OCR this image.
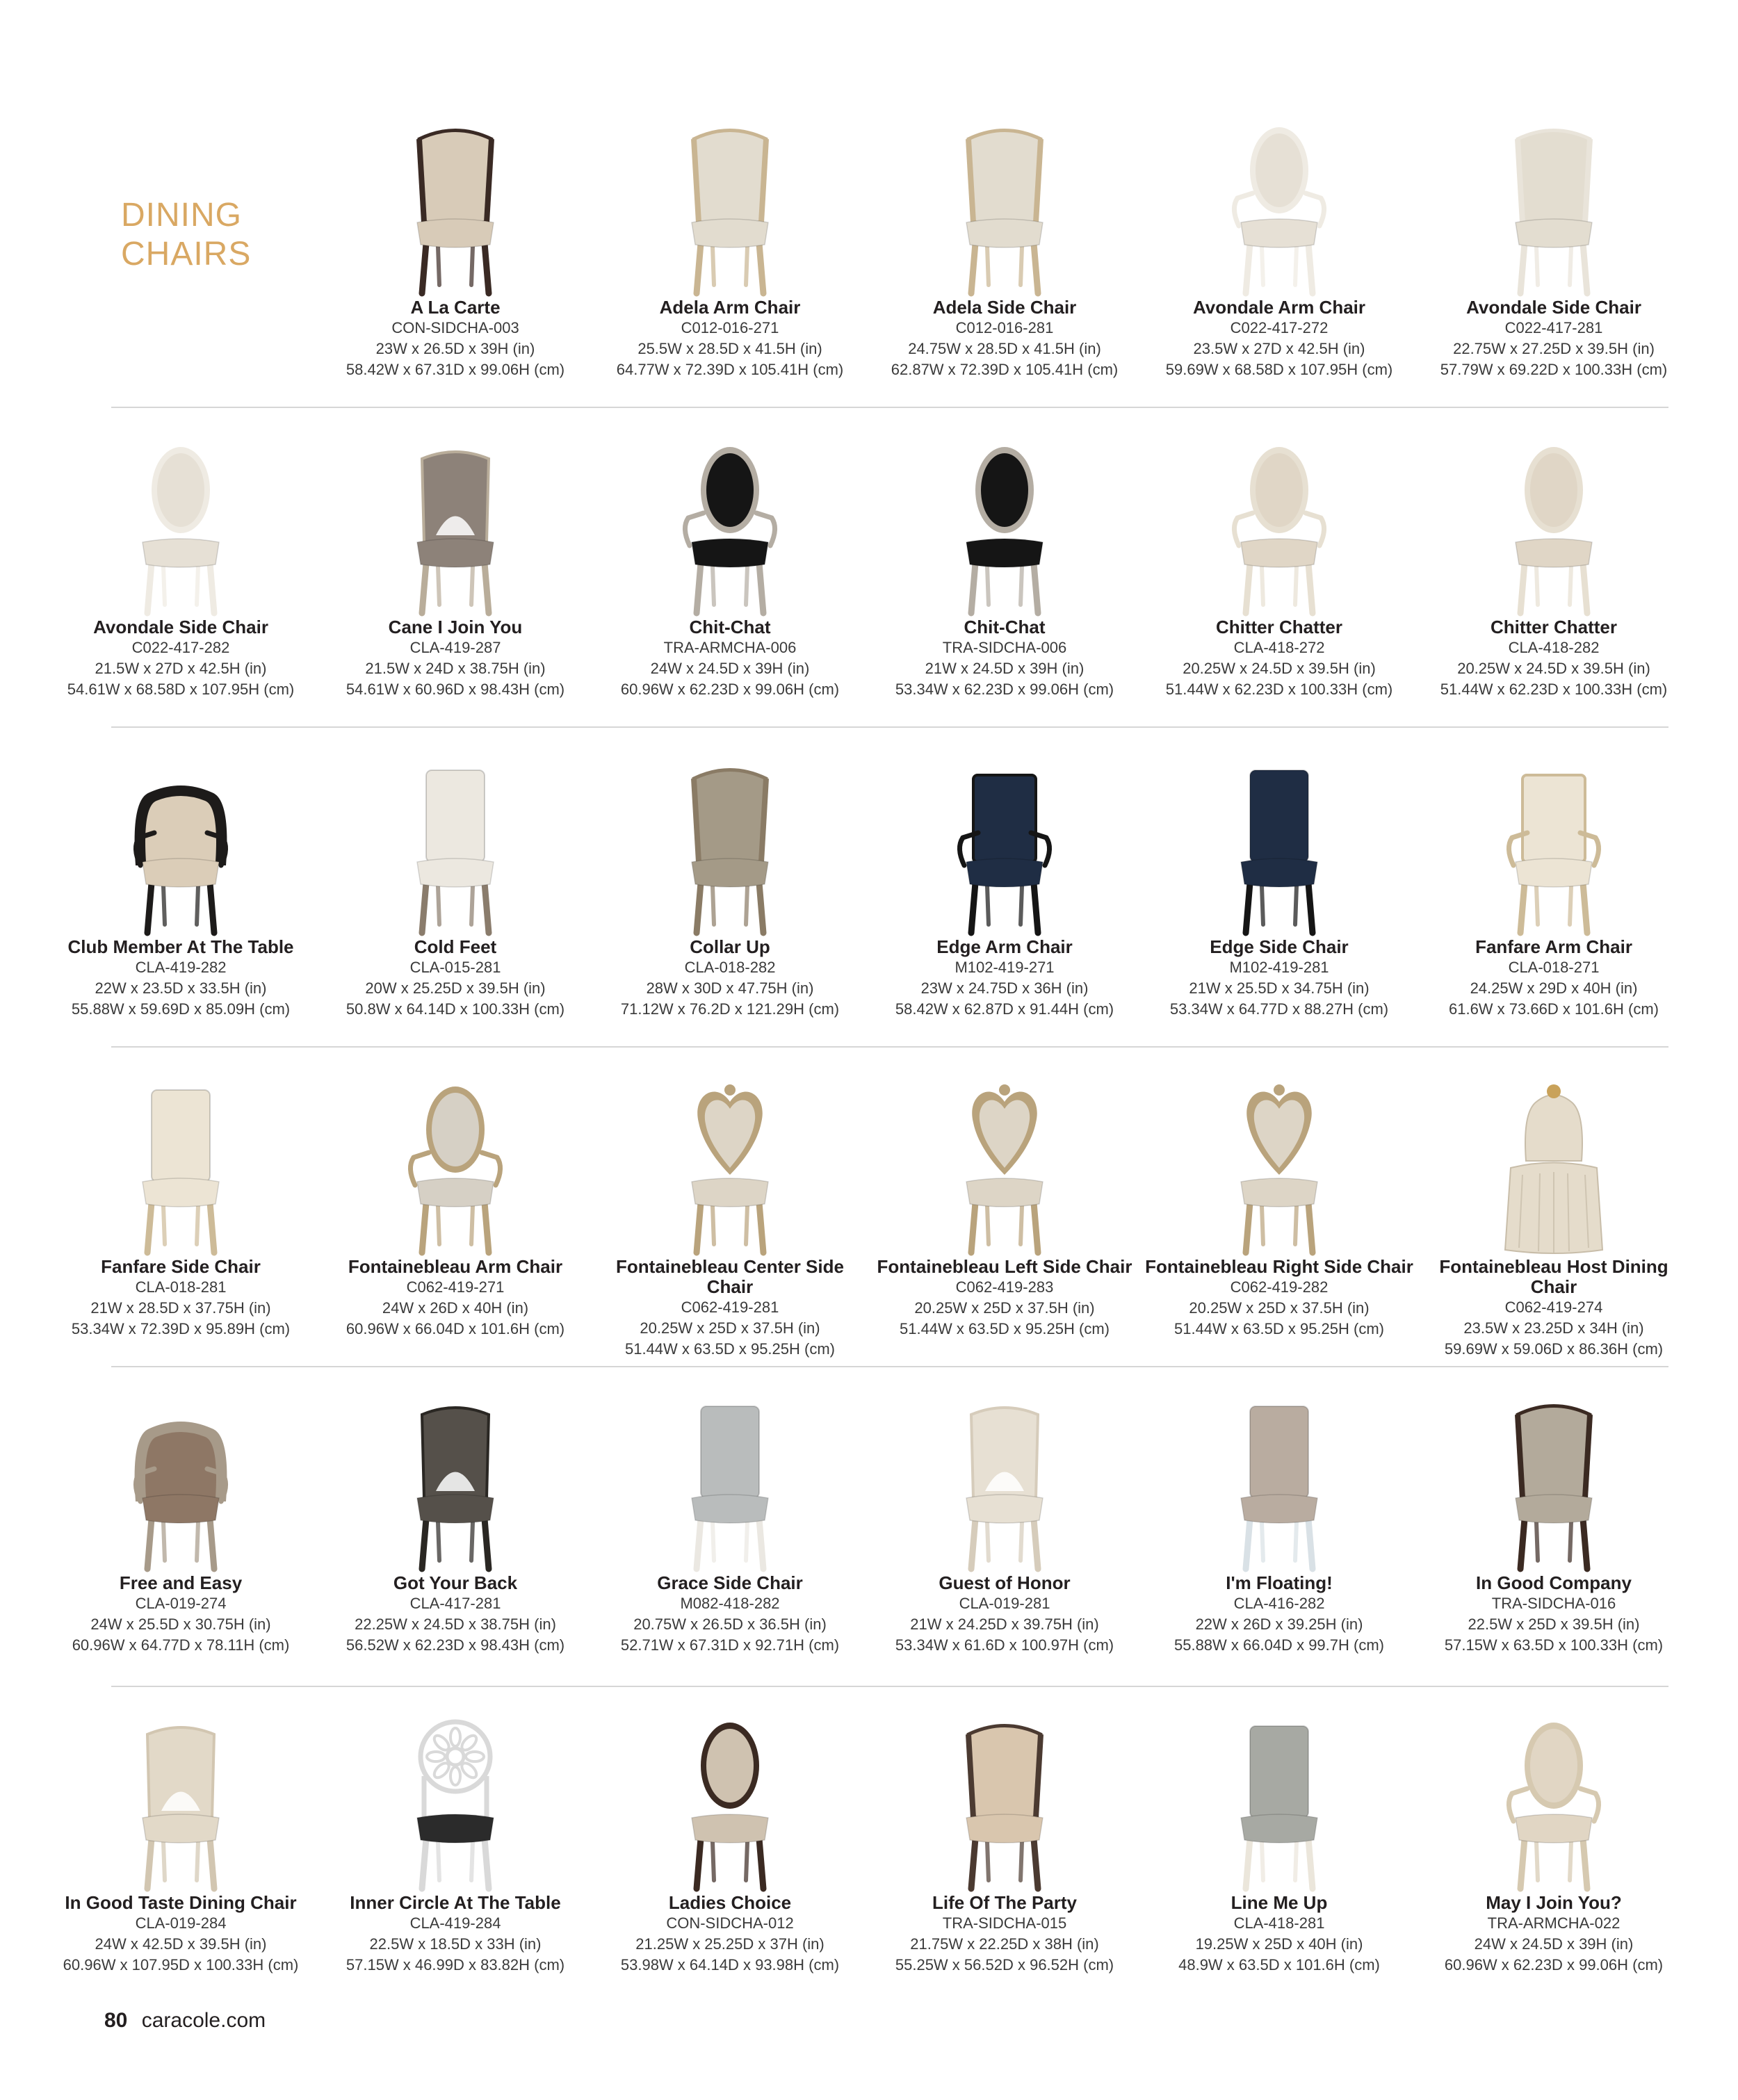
DINING
CHAIRS
A La Carte
CON-SIDCHA-003
23W x 26.5D x 39H (in)
58.42W x 67.31D x 99.06H (cm)
Adela Arm Chair
C012-016-271
25.5W x 28.5D x 41.5H (in)
64.77W x 72.39D x 105.41H (cm)
Adela Side Chair
C012-016-281
24.75W x 28.5D x 41.5H (in)
62.87W x 72.39D x 105.41H (cm)
Avondale Arm Chair
C022-417-272
23.5W x 27D x 42.5H (in)
59.69W x 68.58D x 107.95H (cm)
Avondale Side Chair
C022-417-281
22.75W x 27.25D x 39.5H (in)
57.79W x 69.22D x 100.33H (cm)
Avondale Side Chair
C022-417-282
21.5W x 27D x 42.5H (in)
54.61W x 68.58D x 107.95H (cm)
Cane I Join You
CLA-419-287
21.5W x 24D x 38.75H (in)
54.61W x 60.96D x 98.43H (cm)
Chit-Chat
TRA-ARMCHA-006
24W x 24.5D x 39H (in)
60.96W x 62.23D x 99.06H (cm)
Chit-Chat
TRA-SIDCHA-006
21W x 24.5D x 39H (in)
53.34W x 62.23D x 99.06H (cm)
Chitter Chatter
CLA-418-272
20.25W x 24.5D x 39.5H (in)
51.44W x 62.23D x 100.33H (cm)
Chitter Chatter
CLA-418-282
20.25W x 24.5D x 39.5H (in)
51.44W x 62.23D x 100.33H (cm)
Club Member At The Table
CLA-419-282
22W x 23.5D x 33.5H (in)
55.88W x 59.69D x 85.09H (cm)
Cold Feet
CLA-015-281
20W x 25.25D x 39.5H (in)
50.8W x 64.14D x 100.33H (cm)
Collar Up
CLA-018-282
28W x 30D x 47.75H (in)
71.12W x 76.2D x 121.29H (cm)
Edge Arm Chair
M102-419-271
23W x 24.75D x 36H (in)
58.42W x 62.87D x 91.44H (cm)
Edge Side Chair
M102-419-281
21W x 25.5D x 34.75H (in)
53.34W x 64.77D x 88.27H (cm)
Fanfare Arm Chair
CLA-018-271
24.25W x 29D x 40H (in)
61.6W x 73.66D x 101.6H (cm)
Fanfare Side Chair
CLA-018-281
21W x 28.5D x 37.75H (in)
53.34W x 72.39D x 95.89H (cm)
Fontainebleau Arm Chair
C062-419-271
24W x 26D x 40H (in)
60.96W x 66.04D x 101.6H (cm)
Fontainebleau Center Side Chair
C062-419-281
20.25W x 25D x 37.5H (in)
51.44W x 63.5D x 95.25H (cm)
Fontainebleau Left Side Chair
C062-419-283
20.25W x 25D x 37.5H (in)
51.44W x 63.5D x 95.25H (cm)
Fontainebleau Right Side Chair
C062-419-282
20.25W x 25D x 37.5H (in)
51.44W x 63.5D x 95.25H (cm)
Fontainebleau Host Dining Chair
C062-419-274
23.5W x 23.25D x 34H (in)
59.69W x 59.06D x 86.36H (cm)
Free and Easy
CLA-019-274
24W x 25.5D x 30.75H (in)
60.96W x 64.77D x 78.11H (cm)
Got Your Back
CLA-417-281
22.25W x 24.5D x 38.75H (in)
56.52W x 62.23D x 98.43H (cm)
Grace Side Chair
M082-418-282
20.75W x 26.5D x 36.5H (in)
52.71W x 67.31D x 92.71H (cm)
Guest of Honor
CLA-019-281
21W x 24.25D x 39.75H (in)
53.34W x 61.6D x 100.97H (cm)
I'm Floating!
CLA-416-282
22W x 26D x 39.25H (in)
55.88W x 66.04D x 99.7H (cm)
In Good Company
TRA-SIDCHA-016
22.5W x 25D x 39.5H (in)
57.15W x 63.5D x 100.33H (cm)
In Good Taste Dining Chair
CLA-019-284
24W x 42.5D x 39.5H (in)
60.96W x 107.95D x 100.33H (cm)
Inner Circle At The Table
CLA-419-284
22.5W x 18.5D x 33H (in)
57.15W x 46.99D x 83.82H (cm)
Ladies Choice
CON-SIDCHA-012
21.25W x 25.25D x 37H (in)
53.98W x 64.14D x 93.98H (cm)
Life Of The Party
TRA-SIDCHA-015
21.75W x 22.25D x 38H (in)
55.25W x 56.52D x 96.52H (cm)
Line Me Up
CLA-418-281
19.25W x 25D x 40H (in)
48.9W x 63.5D x 101.6H (cm)
May I Join You?
TRA-ARMCHA-022
24W x 24.5D x 39H (in)
60.96W x 62.23D x 99.06H (cm)
80 caracole.com
